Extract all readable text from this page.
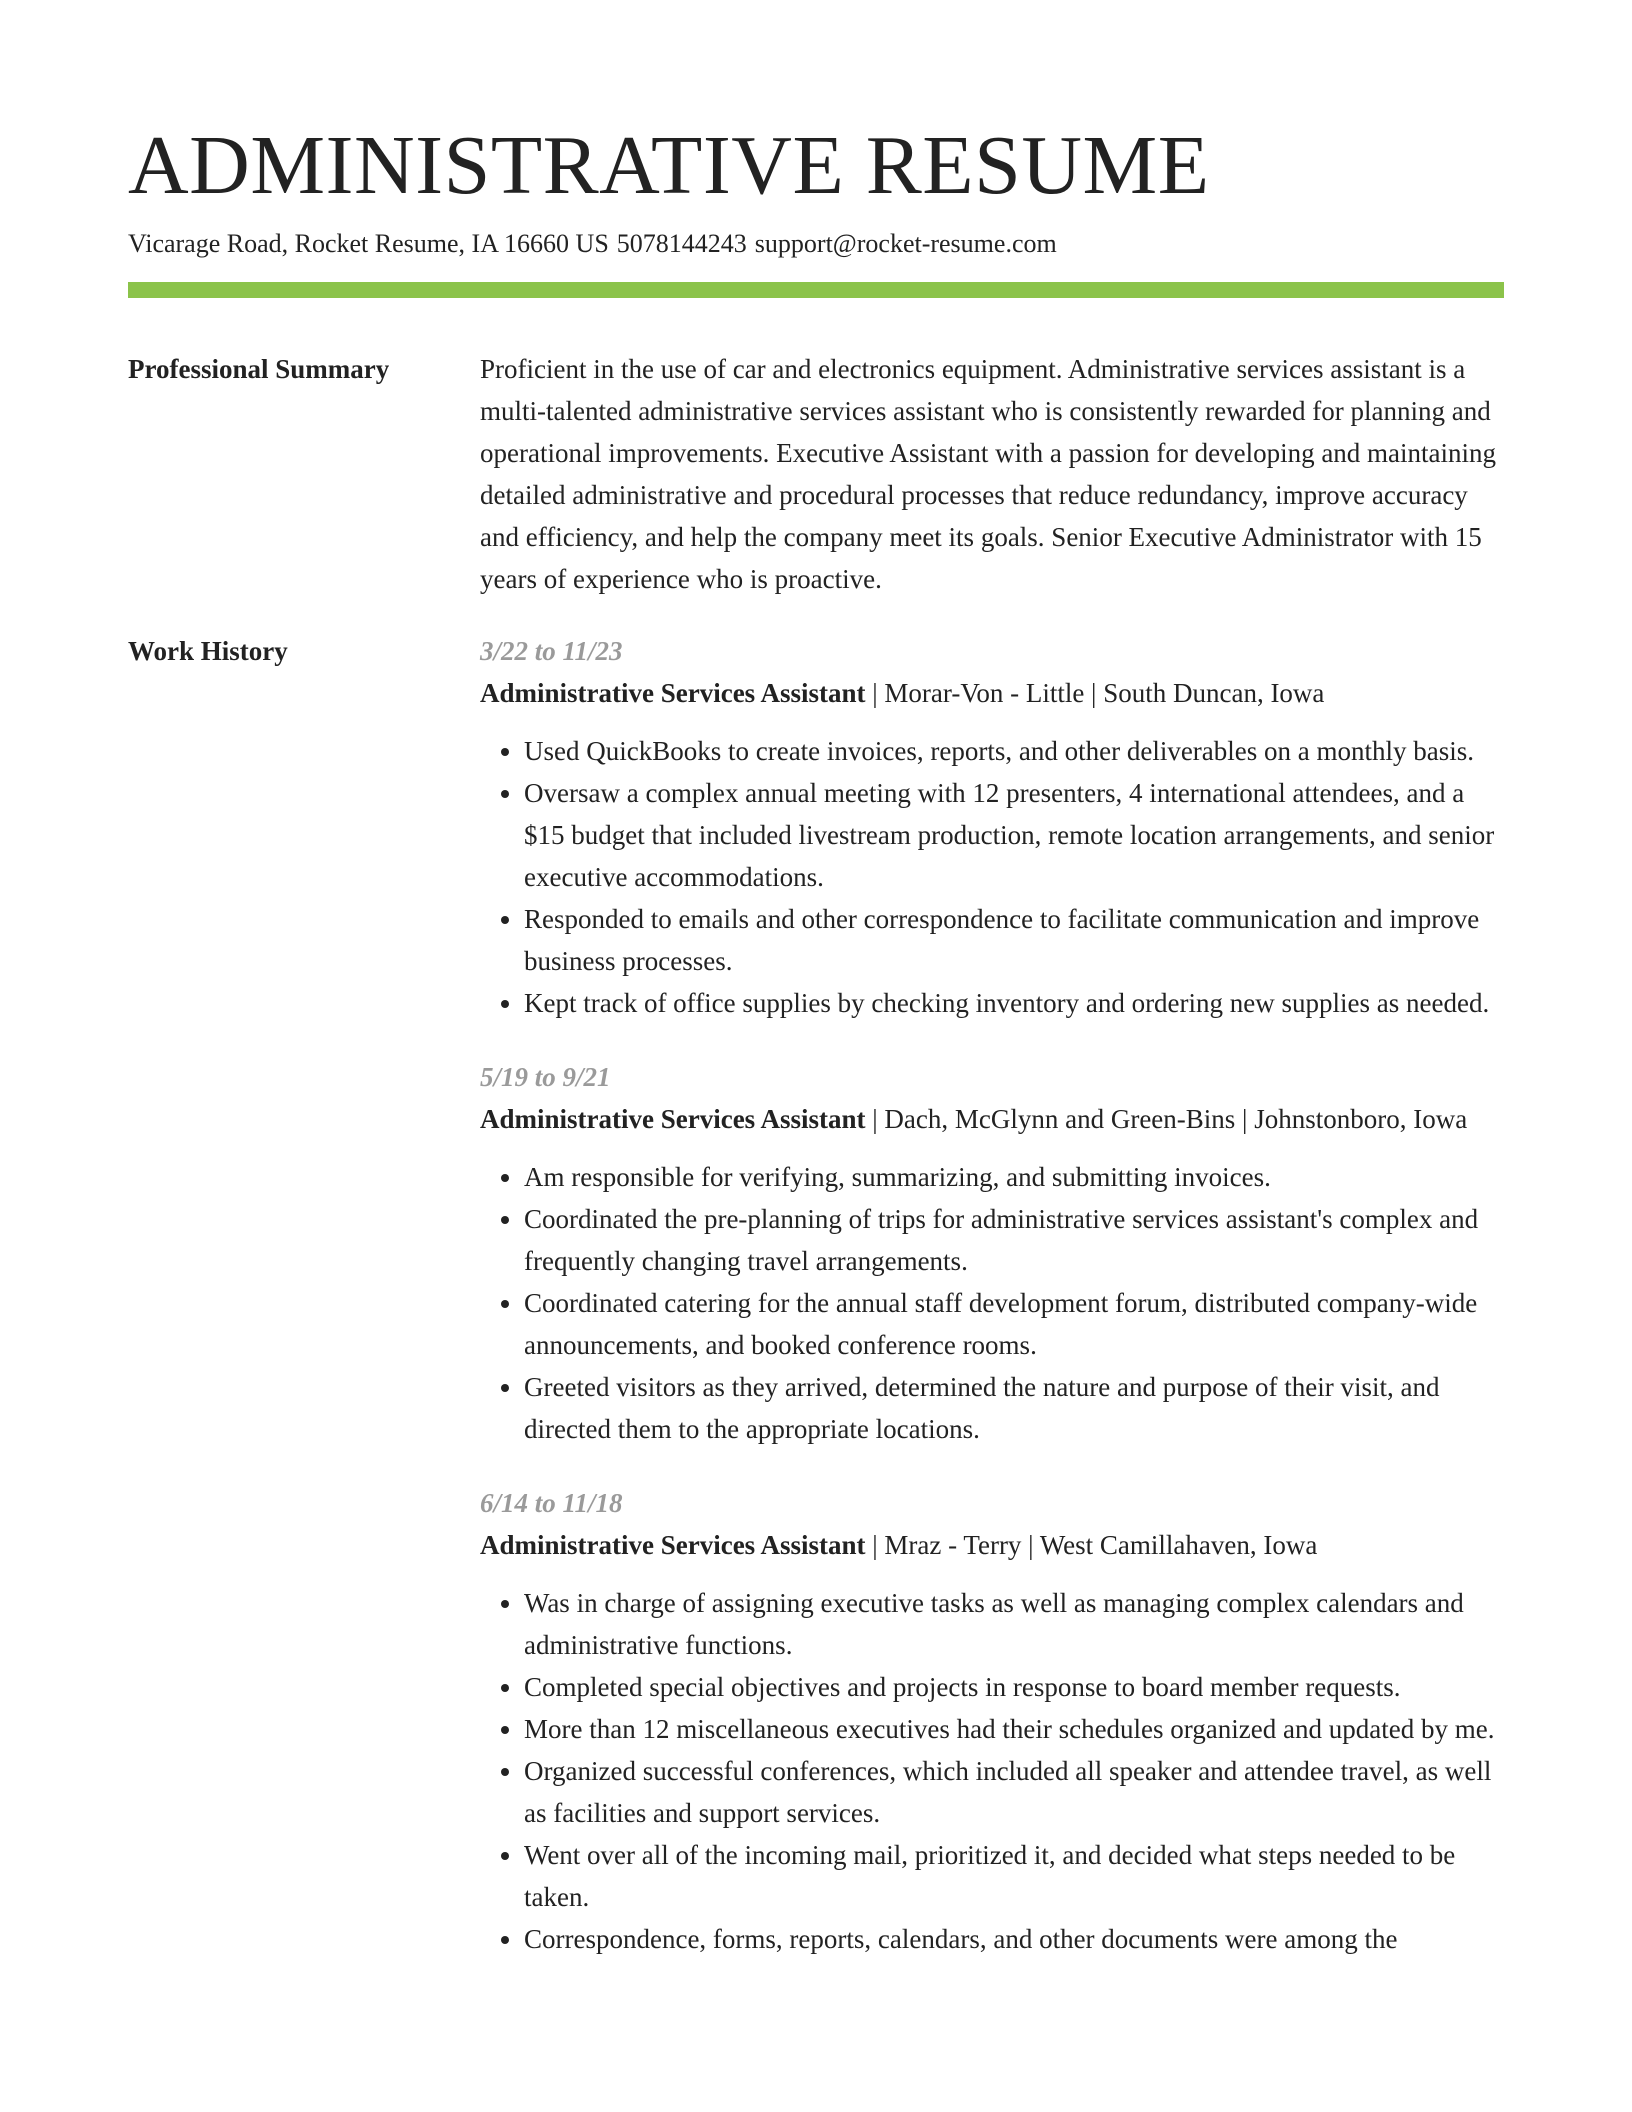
ADMINISTRATIVE RESUME
Vicarage Road, Rocket Resume, IA 16660 US 5078144243 support@rocket-resume.com
Professional Summary	Proficient in the use of car and electronics equipment. Administrative services assistant is a multi-talented administrative services assistant who is consistently rewarded for planning and operational improvements. Executive Assistant with a passion for developing and maintaining detailed administrative and procedural processes that reduce redundancy, improve accuracy and efficiency, and help the company meet its goals. Senior Executive Administrator with 15 years of experience who is proactive.

Work History	3/22 to 11/23
Administrative Services Assistant | Morar-Von - Little | South Duncan, Iowa
• Used QuickBooks to create invoices, reports, and other deliverables on a monthly basis.
• Oversaw a complex annual meeting with 12 presenters, 4 international attendees, and a $15 budget that included livestream production, remote location arrangements, and senior executive accommodations.
• Responded to emails and other correspondence to facilitate communication and improve business processes.
• Kept track of office supplies by checking inventory and ordering new supplies as needed.
5/19 to 9/21
Administrative Services Assistant | Dach, McGlynn and Green-Bins | Johnstonboro, Iowa
• Am responsible for verifying, summarizing, and submitting invoices.
• Coordinated the pre-planning of trips for administrative services assistant's complex and frequently changing travel arrangements.
• Coordinated catering for the annual staff development forum, distributed company-wide announcements, and booked conference rooms.
• Greeted visitors as they arrived, determined the nature and purpose of their visit, and directed them to the appropriate locations.
6/14 to 11/18
Administrative Services Assistant | Mraz - Terry | West Camillahaven, Iowa
• Was in charge of assigning executive tasks as well as managing complex calendars and administrative functions.
• Completed special objectives and projects in response to board member requests.
• More than 12 miscellaneous executives had their schedules organized and updated by me.
• Organized successful conferences, which included all speaker and attendee travel, as well as facilities and support services.
• Went over all of the incoming mail, prioritized it, and decided what steps needed to be taken.
• Correspondence, forms, reports, calendars, and other documents were among the
